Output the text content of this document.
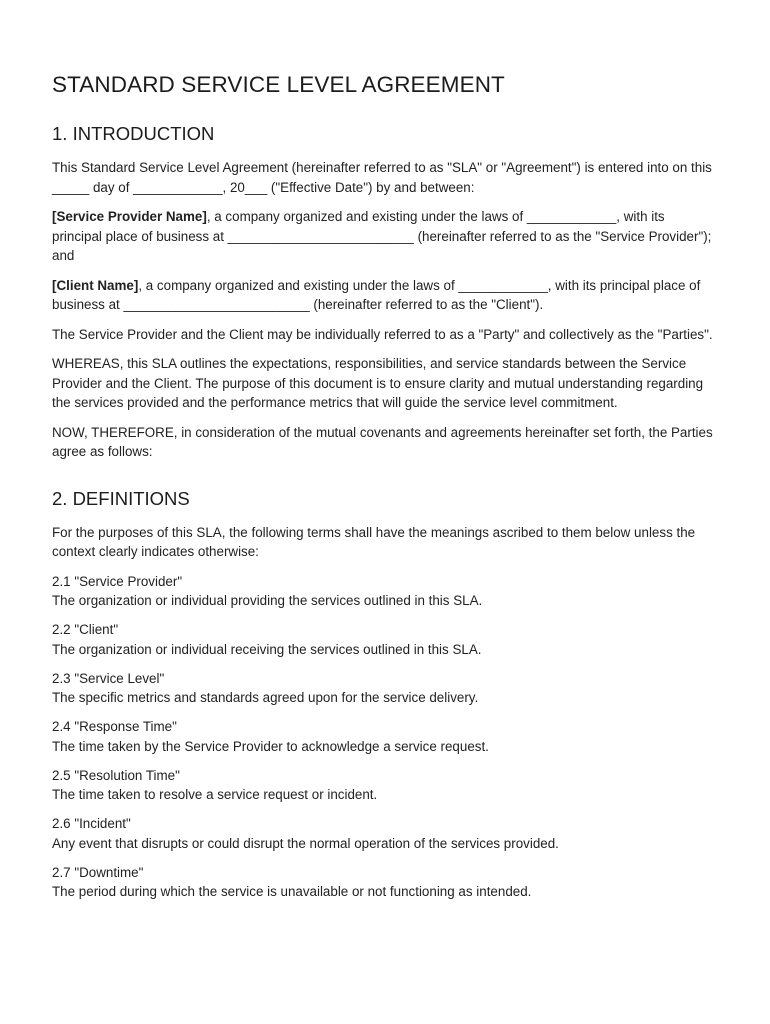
STANDARD SERVICE LEVEL AGREEMENT
1. INTRODUCTION

This Standard Service Level Agreement (hereinafter referred to as "SLA" or "Agreement") is entered into on this _____ day of ____________, 20___ ("Effective Date") by and between:

[Service Provider Name], a company organized and existing under the laws of ____________, with its principal place of business at _________________________ (hereinafter referred to as the "Service Provider"); and

[Client Name], a company organized and existing under the laws of ____________, with its principal place of business at _________________________ (hereinafter referred to as the "Client").

The Service Provider and the Client may be individually referred to as a "Party" and collectively as the "Parties".

WHEREAS, this SLA outlines the expectations, responsibilities, and service standards between the Service Provider and the Client. The purpose of this document is to ensure clarity and mutual understanding regarding the services provided and the performance metrics that will guide the service level commitment.

NOW, THEREFORE, in consideration of the mutual covenants and agreements hereinafter set forth, the Parties agree as follows:

2. DEFINITIONS

For the purposes of this SLA, the following terms shall have the meanings ascribed to them below unless the context clearly indicates otherwise:

2.1 "Service Provider"
The organization or individual providing the services outlined in this SLA.
2.2 "Client"
The organization or individual receiving the services outlined in this SLA.
2.3 "Service Level"
The specific metrics and standards agreed upon for the service delivery.
2.4 "Response Time"
The time taken by the Service Provider to acknowledge a service request.
2.5 "Resolution Time"
The time taken to resolve a service request or incident.
2.6 "Incident"
Any event that disrupts or could disrupt the normal operation of the services provided.
2.7 "Downtime"
The period during which the service is unavailable or not functioning as intended.
